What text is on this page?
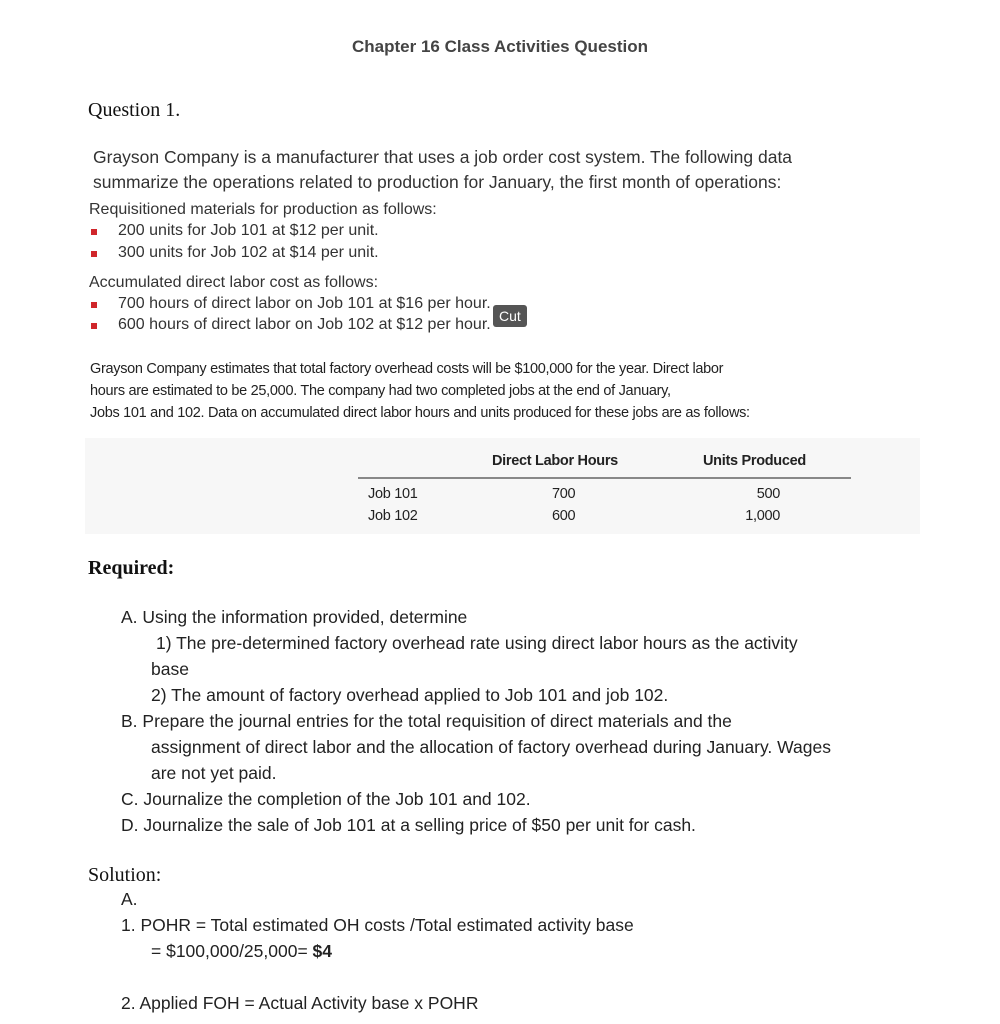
Chapter 16 Class Activities Question
Question 1.
Grayson Company is a manufacturer that uses a job order cost system. The following data
summarize the operations related to production for January, the first month of operations:
Requisitioned materials for production as follows:
200 units for Job 101 at $12 per unit.
300 units for Job 102 at $14 per unit.
Accumulated direct labor cost as follows:
700 hours of direct labor on Job 101 at $16 per hour.
600 hours of direct labor on Job 102 at $12 per hour. Cut
Grayson Company estimates that total factory overhead costs will be $100,000 for the year. Direct labor
hours are estimated to be 25,000. The company had two completed jobs at the end of January,
Jobs 101 and 102. Data on accumulated direct labor hours and units produced for these jobs are as follows:
Direct Labor Hours	Units Produced
Job 101	700	500
Job 102	600	1,000
Required:
A. Using the information provided, determine
1) The pre-determined factory overhead rate using direct labor hours as the activity
base
2) The amount of factory overhead applied to Job 101 and job 102.
B. Prepare the journal entries for the total requisition of direct materials and the
assignment of direct labor and the allocation of factory overhead during January. Wages
are not yet paid.
C. Journalize the completion of the Job 101 and 102.
D. Journalize the sale of Job 101 at a selling price of $50 per unit for cash.
Solution:
A.
1. POHR = Total estimated OH costs /Total estimated activity base
= $100,000/25,000= $4
2. Applied FOH = Actual Activity base x POHR
